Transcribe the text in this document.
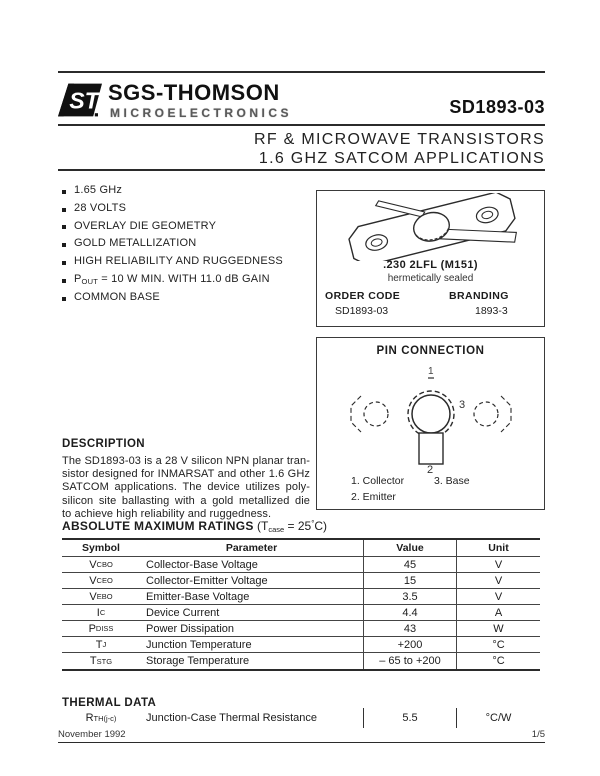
ST SGS-THOMSON
MICROELECTRONICS	SD1893-03
RF & MICROWAVE TRANSISTORS
1.6 GHZ SATCOM APPLICATIONS
1.65 GHz
28 VOLTS
OVERLAY DIE GEOMETRY
GOLD METALLIZATION
HIGH RELIABILITY AND RUGGEDNESS
$P_{OUT} = 10$ W MIN. WITH 11.0 dB GAIN
COMMON BASE
.230 2LFL (M151)
hermetically sealed
ORDER CODE
SD1893-03
BRANDING
1893-3
PIN CONNECTION
1
3
2
1. Collector	3. Base
2. Emitter
DESCRIPTION
The SD1893-03 is a 28 V silicon NPN planar tran-
sistor designed for INMARSAT and other 1.6 GHz
SATCOM applications. The device utilizes poly-
silicon site ballasting with a gold metallized die
to achieve high reliability and ruggedness.
ABSOLUTE MAXIMUM RATINGS $(T_{case} = 25^\circ C)$
Symbol	Parameter	Value	Unit
V CBO	Collector-Base Voltage	45	V
V CEO	Collector-Emitter Voltage	15	V
V EBO	Emitter-Base Voltage	3.5	V
I C	Device Current	4.4	A
P DISS	Power Dissipation	43	W
T J	Junction Temperature	+200	°C
T STG	Storage Temperature	– 65 to +200	°C
THERMAL DATA
R TH(j-c)	Junction-Case Thermal Resistance	5.5	°C/W
November 1992	1/5
